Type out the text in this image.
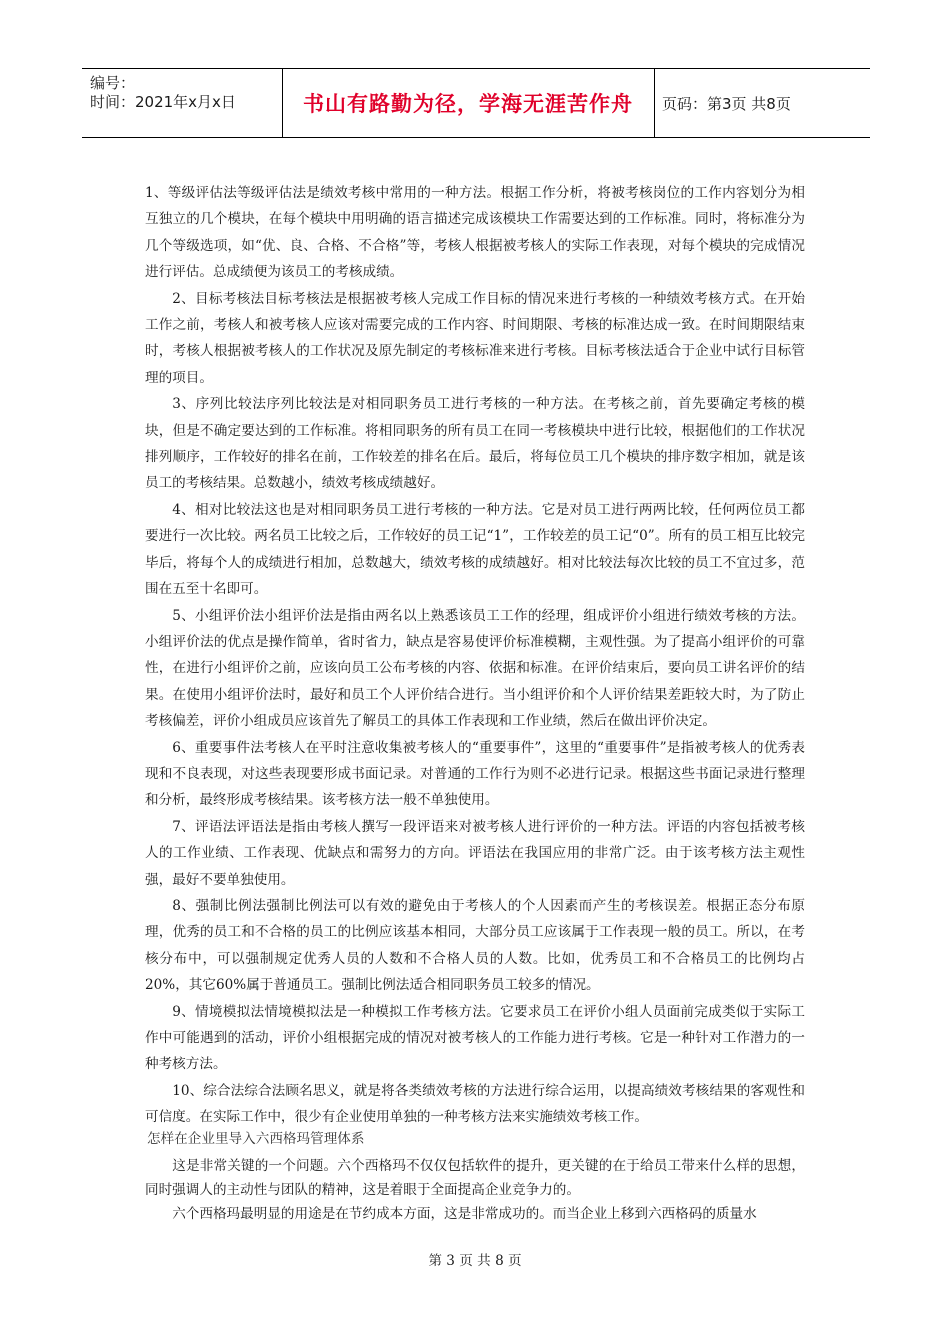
编号：
时间：2021年x月x日	书山有路勤为径，学海无涯苦作舟 页码：第3页 共8页

1、等级评估法等级评估法是绩效考核中常用的一种方法。根据工作分析，将被考核岗位的工作内容划分为相互独立的几个模块，在每个模块中用明确的语言描述完成该模块工作需要达到的工作标准。同时，将标准分为几个等级选项，如“优、良、合格、不合格”等，考核人根据被考核人的实际工作表现，对每个模块的完成情况进行评估。总成绩便为该员工的考核成绩。

2、目标考核法目标考核法是根据被考核人完成工作目标的情况来进行考核的一种绩效考核方式。在开始工作之前，考核人和被考核人应该对需要完成的工作内容、时间期限、考核的标准达成一致。在时间期限结束时，考核人根据被考核人的工作状况及原先制定的考核标准来进行考核。目标考核法适合于企业中试行目标管理的项目。

3、序列比较法序列比较法是对相同职务员工进行考核的一种方法。在考核之前，首先要确定考核的模块，但是不确定要达到的工作标准。将相同职务的所有员工在同一考核模块中进行比较，根据他们的工作状况排列顺序，工作较好的排名在前，工作较差的排名在后。最后，将每位员工几个模块的排序数字相加，就是该员工的考核结果。总数越小，绩效考核成绩越好。

4、相对比较法这也是对相同职务员工进行考核的一种方法。它是对员工进行两两比较，任何两位员工都要进行一次比较。两名员工比较之后，工作较好的员工记“1”，工作较差的员工记“0”。所有的员工相互比较完毕后，将每个人的成绩进行相加，总数越大，绩效考核的成绩越好。相对比较法每次比较的员工不宜过多，范围在五至十名即可。

5、小组评价法小组评价法是指由两名以上熟悉该员工工作的经理，组成评价小组进行绩效考核的方法。小组评价法的优点是操作简单，省时省力，缺点是容易使评价标准模糊，主观性强。为了提高小组评价的可靠性，在进行小组评价之前，应该向员工公布考核的内容、依据和标准。在评价结束后，要向员工讲名评价的结果。在使用小组评价法时，最好和员工个人评价结合进行。当小组评价和个人评价结果差距较大时，为了防止考核偏差，评价小组成员应该首先了解员工的具体工作表现和工作业绩，然后在做出评价决定。

6、重要事件法考核人在平时注意收集被考核人的“重要事件”，这里的“重要事件”是指被考核人的优秀表现和不良表现，对这些表现要形成书面记录。对普通的工作行为则不必进行记录。根据这些书面记录进行整理和分析，最终形成考核结果。该考核方法一般不单独使用。

7、评语法评语法是指由考核人撰写一段评语来对被考核人进行评价的一种方法。评语的内容包括被考核人的工作业绩、工作表现、优缺点和需努力的方向。评语法在我国应用的非常广泛。由于该考核方法主观性强，最好不要单独使用。

8、强制比例法强制比例法可以有效的避免由于考核人的个人因素而产生的考核误差。根据正态分布原理，优秀的员工和不合格的员工的比例应该基本相同，大部分员工应该属于工作表现一般的员工。所以，在考核分布中，可以强制规定优秀人员的人数和不合格人员的人数。比如，优秀员工和不合格员工的比例均占20%，其它60%属于普通员工。强制比例法适合相同职务员工较多的情况。

9、情境模拟法情境模拟法是一种模拟工作考核方法。它要求员工在评价小组人员面前完成类似于实际工作中可能遇到的活动，评价小组根据完成的情况对被考核人的工作能力进行考核。它是一种针对工作潜力的一种考核方法。

10、综合法综合法顾名思义，就是将各类绩效考核的方法进行综合运用，以提高绩效考核结果的客观性和可信度。在实际工作中，很少有企业使用单独的一种考核方法来实施绩效考核工作。

怎样在企业里导入六西格玛管理体系

这是非常关键的一个问题。六个西格玛不仅仅包括软件的提升，更关键的在于给员工带来什么样的思想，同时强调人的主动性与团队的精神，这是着眼于全面提高企业竞争力的。

六个西格玛最明显的用途是在节约成本方面，这是非常成功的。而当企业上移到六西格码的质量水

第 3 页 共 8 页
